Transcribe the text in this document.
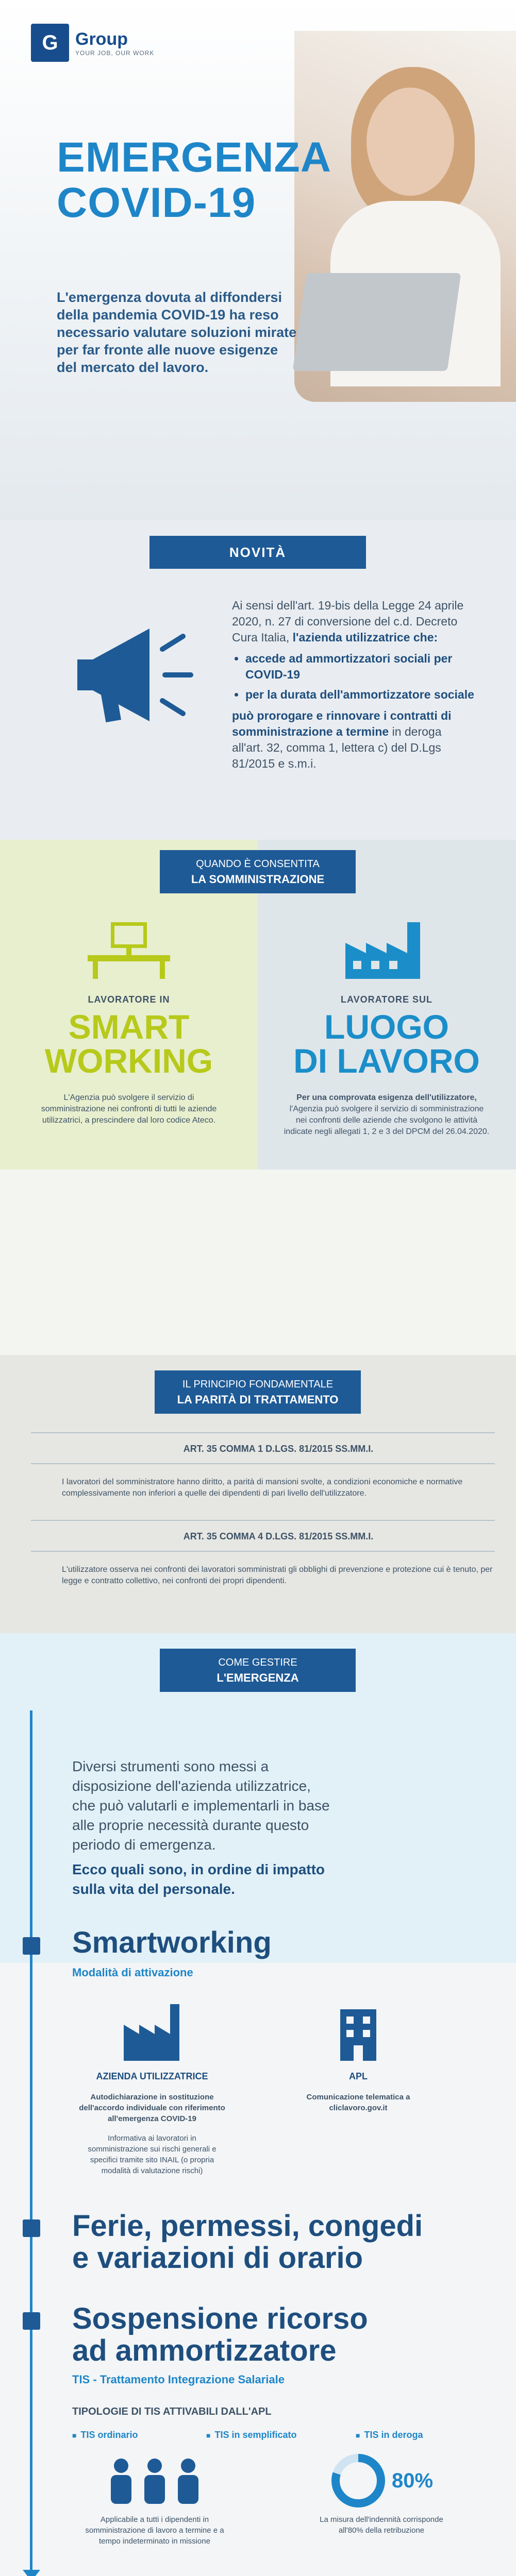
G Group
YOUR JOB, OUR WORK
EMERGENZA COVID-19

L'emergenza dovuta al diffondersi della pandemia COVID-19 ha reso necessario valutare soluzioni mirate per far fronte alle nuove esigenze del mercato del lavoro.

NOVITÀ
Ai sensi dell'art. 19-bis della Legge 24 aprile 2020, n. 27 di conversione del c.d. Decreto Cura Italia, l'azienda utilizzatrice che:
• accede ad ammortizzatori sociali per COVID-19
• per la durata dell'ammortizzatore sociale
può prorogare e rinnovare i contratti di somministrazione a termine in deroga all'art. 32, comma 1, lettera c) del D.Lgs 81/2015 e s.m.i.
LAVORATORE IN
SMART
WORKING
L'Agenzia può svolgere il servizio di somministrazione nei confronti di tutti le aziende utilizzatrici, a prescindere dal loro codice Ateco.
LAVORATORE SUL
LUOGO
DI LAVORO
Per una comprovata esigenza dell'utilizzatore, l'Agenzia può svolgere il servizio di somministrazione nei confronti delle aziende che svolgono le attività indicate negli allegati 1, 2 e 3 del DPCM del 26.04.2020.
QUANDO È CONSENTITA
LA SOMMINISTRAZIONE
IL PRINCIPIO FONDAMENTALE
LA PARITÀ DI TRATTAMENTO
ART. 35 COMMA 1 D.LGS. 81/2015 SS.MM.I.
I lavoratori del somministratore hanno diritto, a parità di mansioni svolte, a condizioni economiche e normative complessivamente non inferiori a quelle dei dipendenti di pari livello dell'utilizzatore.
ART. 35 COMMA 4 D.LGS. 81/2015 SS.MM.I.
L'utilizzatore osserva nei confronti dei lavoratori somministrati gli obblighi di prevenzione e protezione cui è tenuto, per legge e contratto collettivo, nei confronti dei propri dipendenti.
COME GESTIRE
L'EMERGENZA

Diversi strumenti sono messi a disposizione dell'azienda utilizzatrice, che può valutarli e implementarli in base alle proprie necessità durante questo periodo di emergenza.

Ecco quali sono, in ordine di impatto sulla vita del personale.

Smartworking
Modalità di attivazione
AZIENDA UTILIZZATRICE
Autodichiarazione in sostituzione dell'accordo individuale con riferimento all'emergenza COVID-19
Informativa ai lavoratori in somministrazione sui rischi generali e specifici tramite sito INAIL (o propria modalità di valutazione rischi)
APL
Comunicazione telematica a cliclavoro.gov.it
Ferie, permessi, congedi
e variazioni di orario
Sospensione ricorso
ad ammortizzatore
TIS - Trattamento Integrazione Salariale
TIPOLOGIE DI TIS ATTIVABILI DALL'APL
■ TIS ordinario	■ TIS in semplificato	■ TIS in deroga
80%
Applicabile a tutti i dipendenti in somministrazione di lavoro a termine e a tempo indeterminato in missione
La misura dell'indennità corrisponde all'80% della retribuzione
